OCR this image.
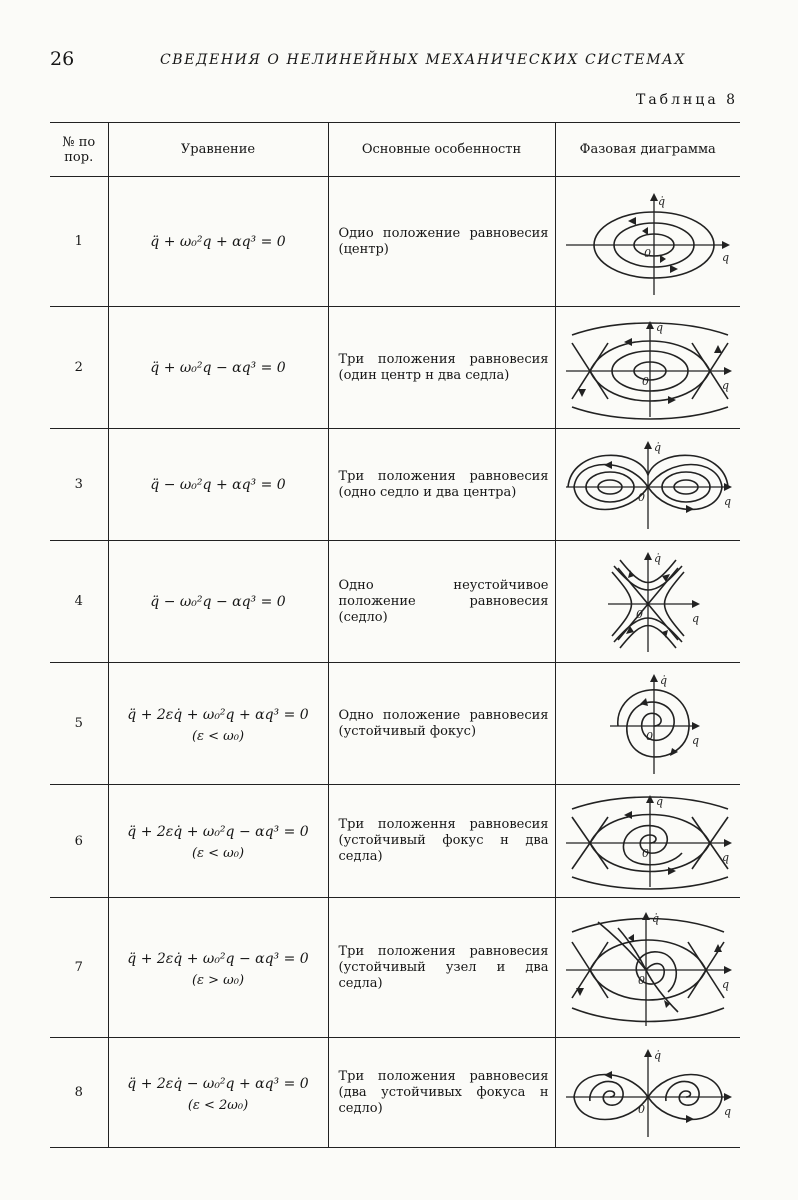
26	СВЕДЕНИЯ О НЕЛИНЕЙНЫХ МЕХАНИЧЕСКИХ СИСТЕМАХ
Таблнца 8
№ по пор.	Уравнение	Основные особенностн	Фазовая диаграмма
1	q̈ + ω₀²q + αq³ = 0	Одио положение равновесия (центр)	q̇
q
0

2	q̈ + ω₀²q − αq³ = 0	Три положения равновесия (один центр н два седла)	q̇
q
0

3	q̈ − ω₀²q + αq³ = 0	Три положения равновесия (одно седло и два центра)	q̇
q
0

4	q̈ − ω₀²q − αq³ = 0	Одно неустойчивое положение равновесия (седло)	q̇
q
0

5	q̈ + 2εq̇ + ω₀²q + αq³ = 0
(ε < ω₀)	Одно положение равновесия (устойчивый фокус)	q̇
q
0

6	q̈ + 2εq̇ + ω₀²q − αq³ = 0
(ε < ω₀)	Три положення равновесия (устойчивый фокус н два седла)	q̇
q
0

7	q̈ + 2εq̇ + ω₀²q − αq³ = 0
(ε > ω₀)	Три положения равновесия (устойчивый узел и два седла)	q̇
q
0

8	q̈ + 2εq̇ − ω₀²q + αq³ = 0
(ε < 2ω₀)	Три положения равновесия (два устойчивых фокуса н седло)	q̇
q
0
